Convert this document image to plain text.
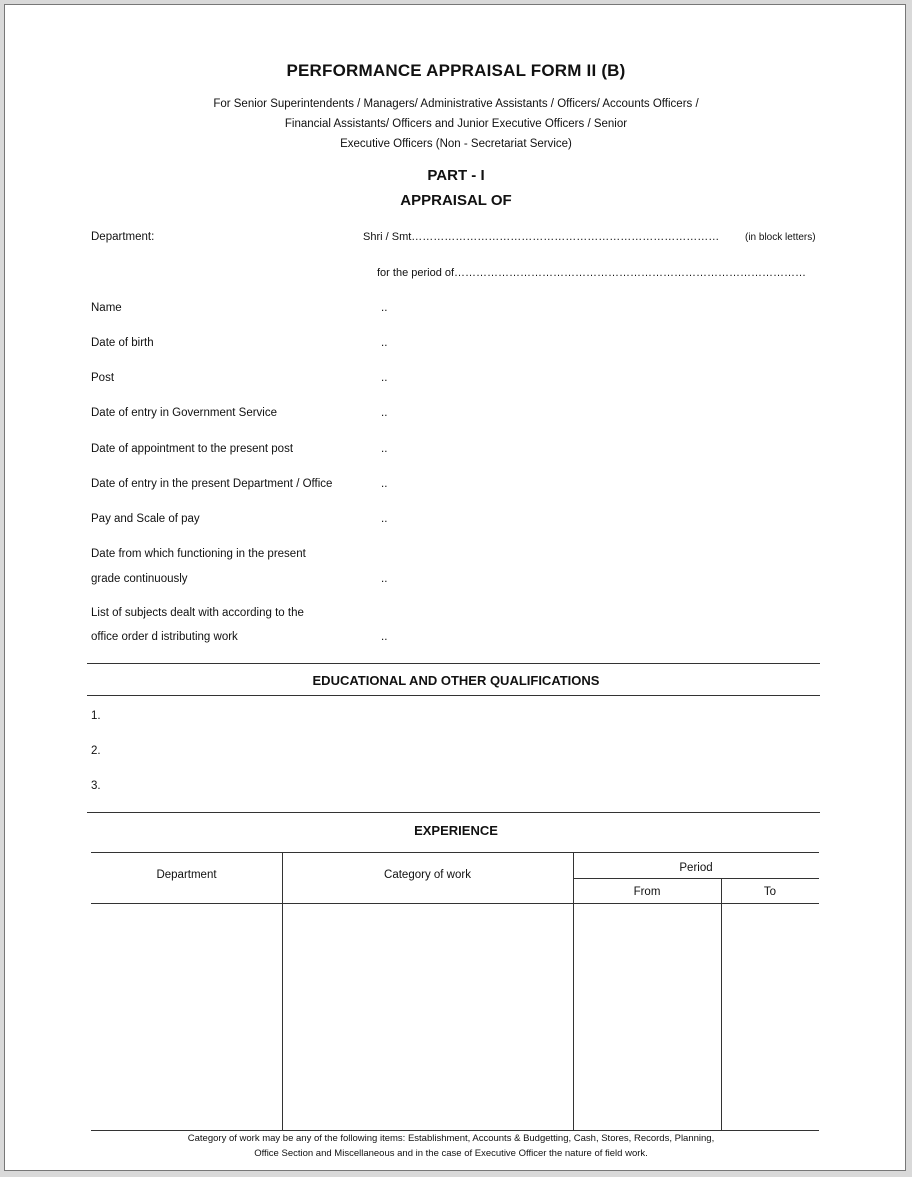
PERFORMANCE APPRAISAL FORM II (B)
For Senior Superintendents / Managers/ Administrative Assistants / Officers/ Accounts Officers /
Financial Assistants/ Officers and Junior Executive Officers / Senior
Executive Officers (Non - Secretariat Service)
PART - I
APPRAISAL OF
Department:	Shri / Smt…………………………………………………………………………	(in block letters)
for the period of……………………………………………………………………………………
Name	..
Date of birth	..
Post	..
Date of entry in Government Service	..
Date of appointment to the present post	..
Date of entry in the present Department / Office	..
Pay and Scale of pay	..
Date from which functioning in the present
grade continuously	..
List of subjects dealt with according to the
office order d istributing work	..
EDUCATIONAL AND OTHER QUALIFICATIONS
1.
2.
3.
EXPERIENCE
Department	Category of work
Period
From	To
Category of work may be any of the following items: Establishment, Accounts & Budgetting, Cash, Stores, Records, Planning,
Office Section and Miscellaneous and in the case of Executive Officer the nature of field work.
